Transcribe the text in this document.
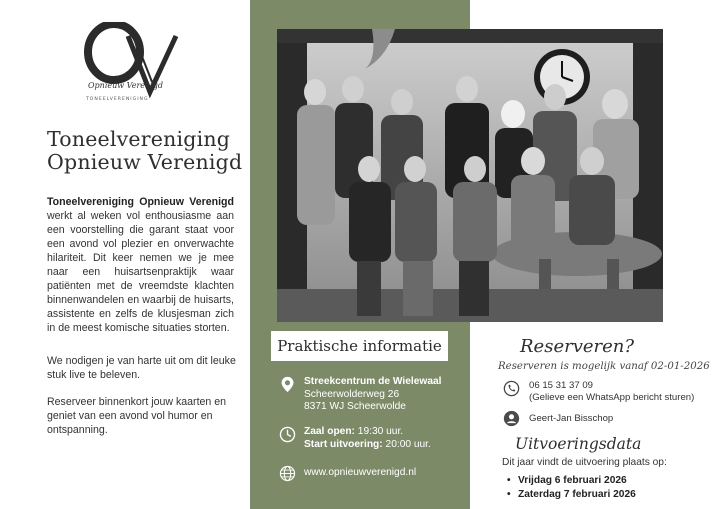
Opnieuw Verenigd
TONEELVERENIGING
Toneelvereniging
Opnieuw Verenigd
Toneelvereniging Opnieuw Verenigd werkt al weken vol enthousiasme aan een voorstelling die garant staat voor een avond vol plezier en onverwachte hilariteit. Dit keer nemen we je mee naar een huisartsenpraktijk waar patiënten met de vreemdste klachten binnenwandelen en waarbij de huisarts, assistente en zelfs de klusjesman zich in de meest komische situaties storten.
We nodigen je van harte uit om dit leuke stuk live te beleven.
Reserveer binnenkort jouw kaarten en geniet van een avond vol humor en ontspanning.
Praktische informatie
Streekcentrum de Wielewaal
Scheerwolderweg 26
8371 WJ Scheerwolde
Zaal open: 19:30 uur.
Start uitvoering: 20:00 uur.
www.opnieuwverenigd.nl
Reserveren?
Reserveren is mogelijk vanaf 02-01-2026
06 15 31 37 09
(Gelieve een WhatsApp bericht sturen)
Geert-Jan Bisschop
Uitvoeringsdata
Dit jaar vindt de uitvoering plaats op:
• Vrijdag 6 februari 2026
• Zaterdag 7 februari 2026
